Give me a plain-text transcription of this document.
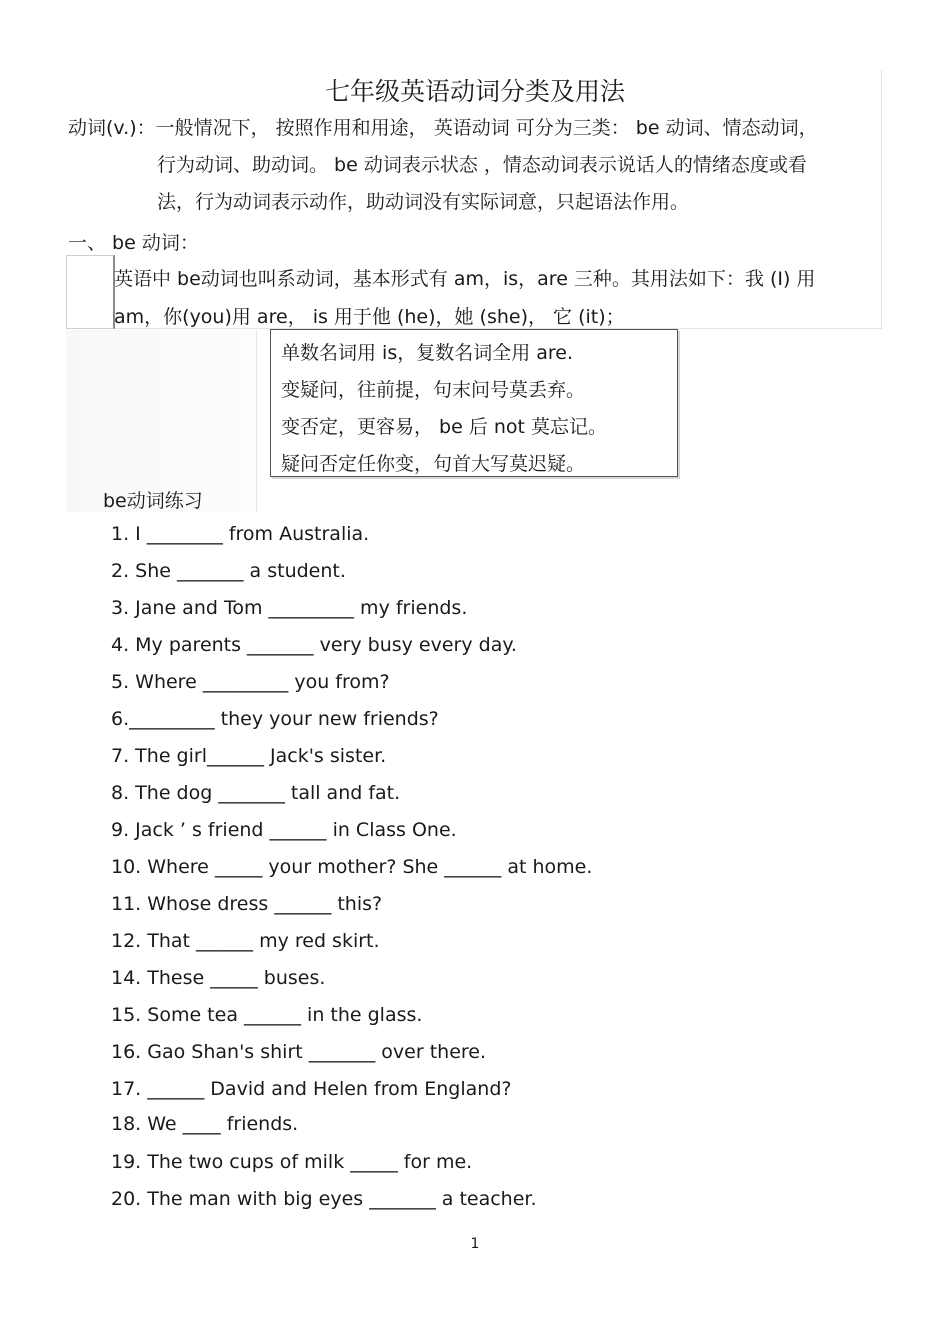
七年级英语动词分类及用法
动词(v.)：一般情况下， 按照作用和用途， 英语动词 可分为三类： be 动词、情态动词，
行为动词、助动词。 be 动词表示状态 ，情态动词表示说话人的情绪态度或看
法，行为动词表示动作，助动词没有实际词意，只起语法作用。
一、 be 动词：
英语中 be动词也叫系动词，基本形式有 am，is，are 三种。其用法如下：我 (I) 用
am，你(you)用 are， is 用于他 (he)，她 (she)， 它 (it)；
单数名词用 is，复数名词全用 are.
变疑问，往前提，句末问号莫丢弃。
变否定，更容易， be 后 not 莫忘记。
疑问否定任你变，句首大写莫迟疑。
be动词练习
1. I ________ from Australia.
2. She _______ a student.
3. Jane and Tom _________ my friends.
4. My parents _______ very busy every day.
5. Where _________ you from?
6._________ they your new friends?
7. The girl______ Jack's sister.
8. The dog _______ tall and fat.
9. Jack ’ s friend ______ in Class One.
10. Where _____ your mother? She ______ at home.
11. Whose dress ______ this?
12. That ______ my red skirt.
14. These _____ buses.
15. Some tea ______ in the glass.
16. Gao Shan's shirt _______ over there.
17. ______ David and Helen from England?
18. We ____ friends.
19. The two cups of milk _____ for me.
20. The man with big eyes _______ a teacher.
1
